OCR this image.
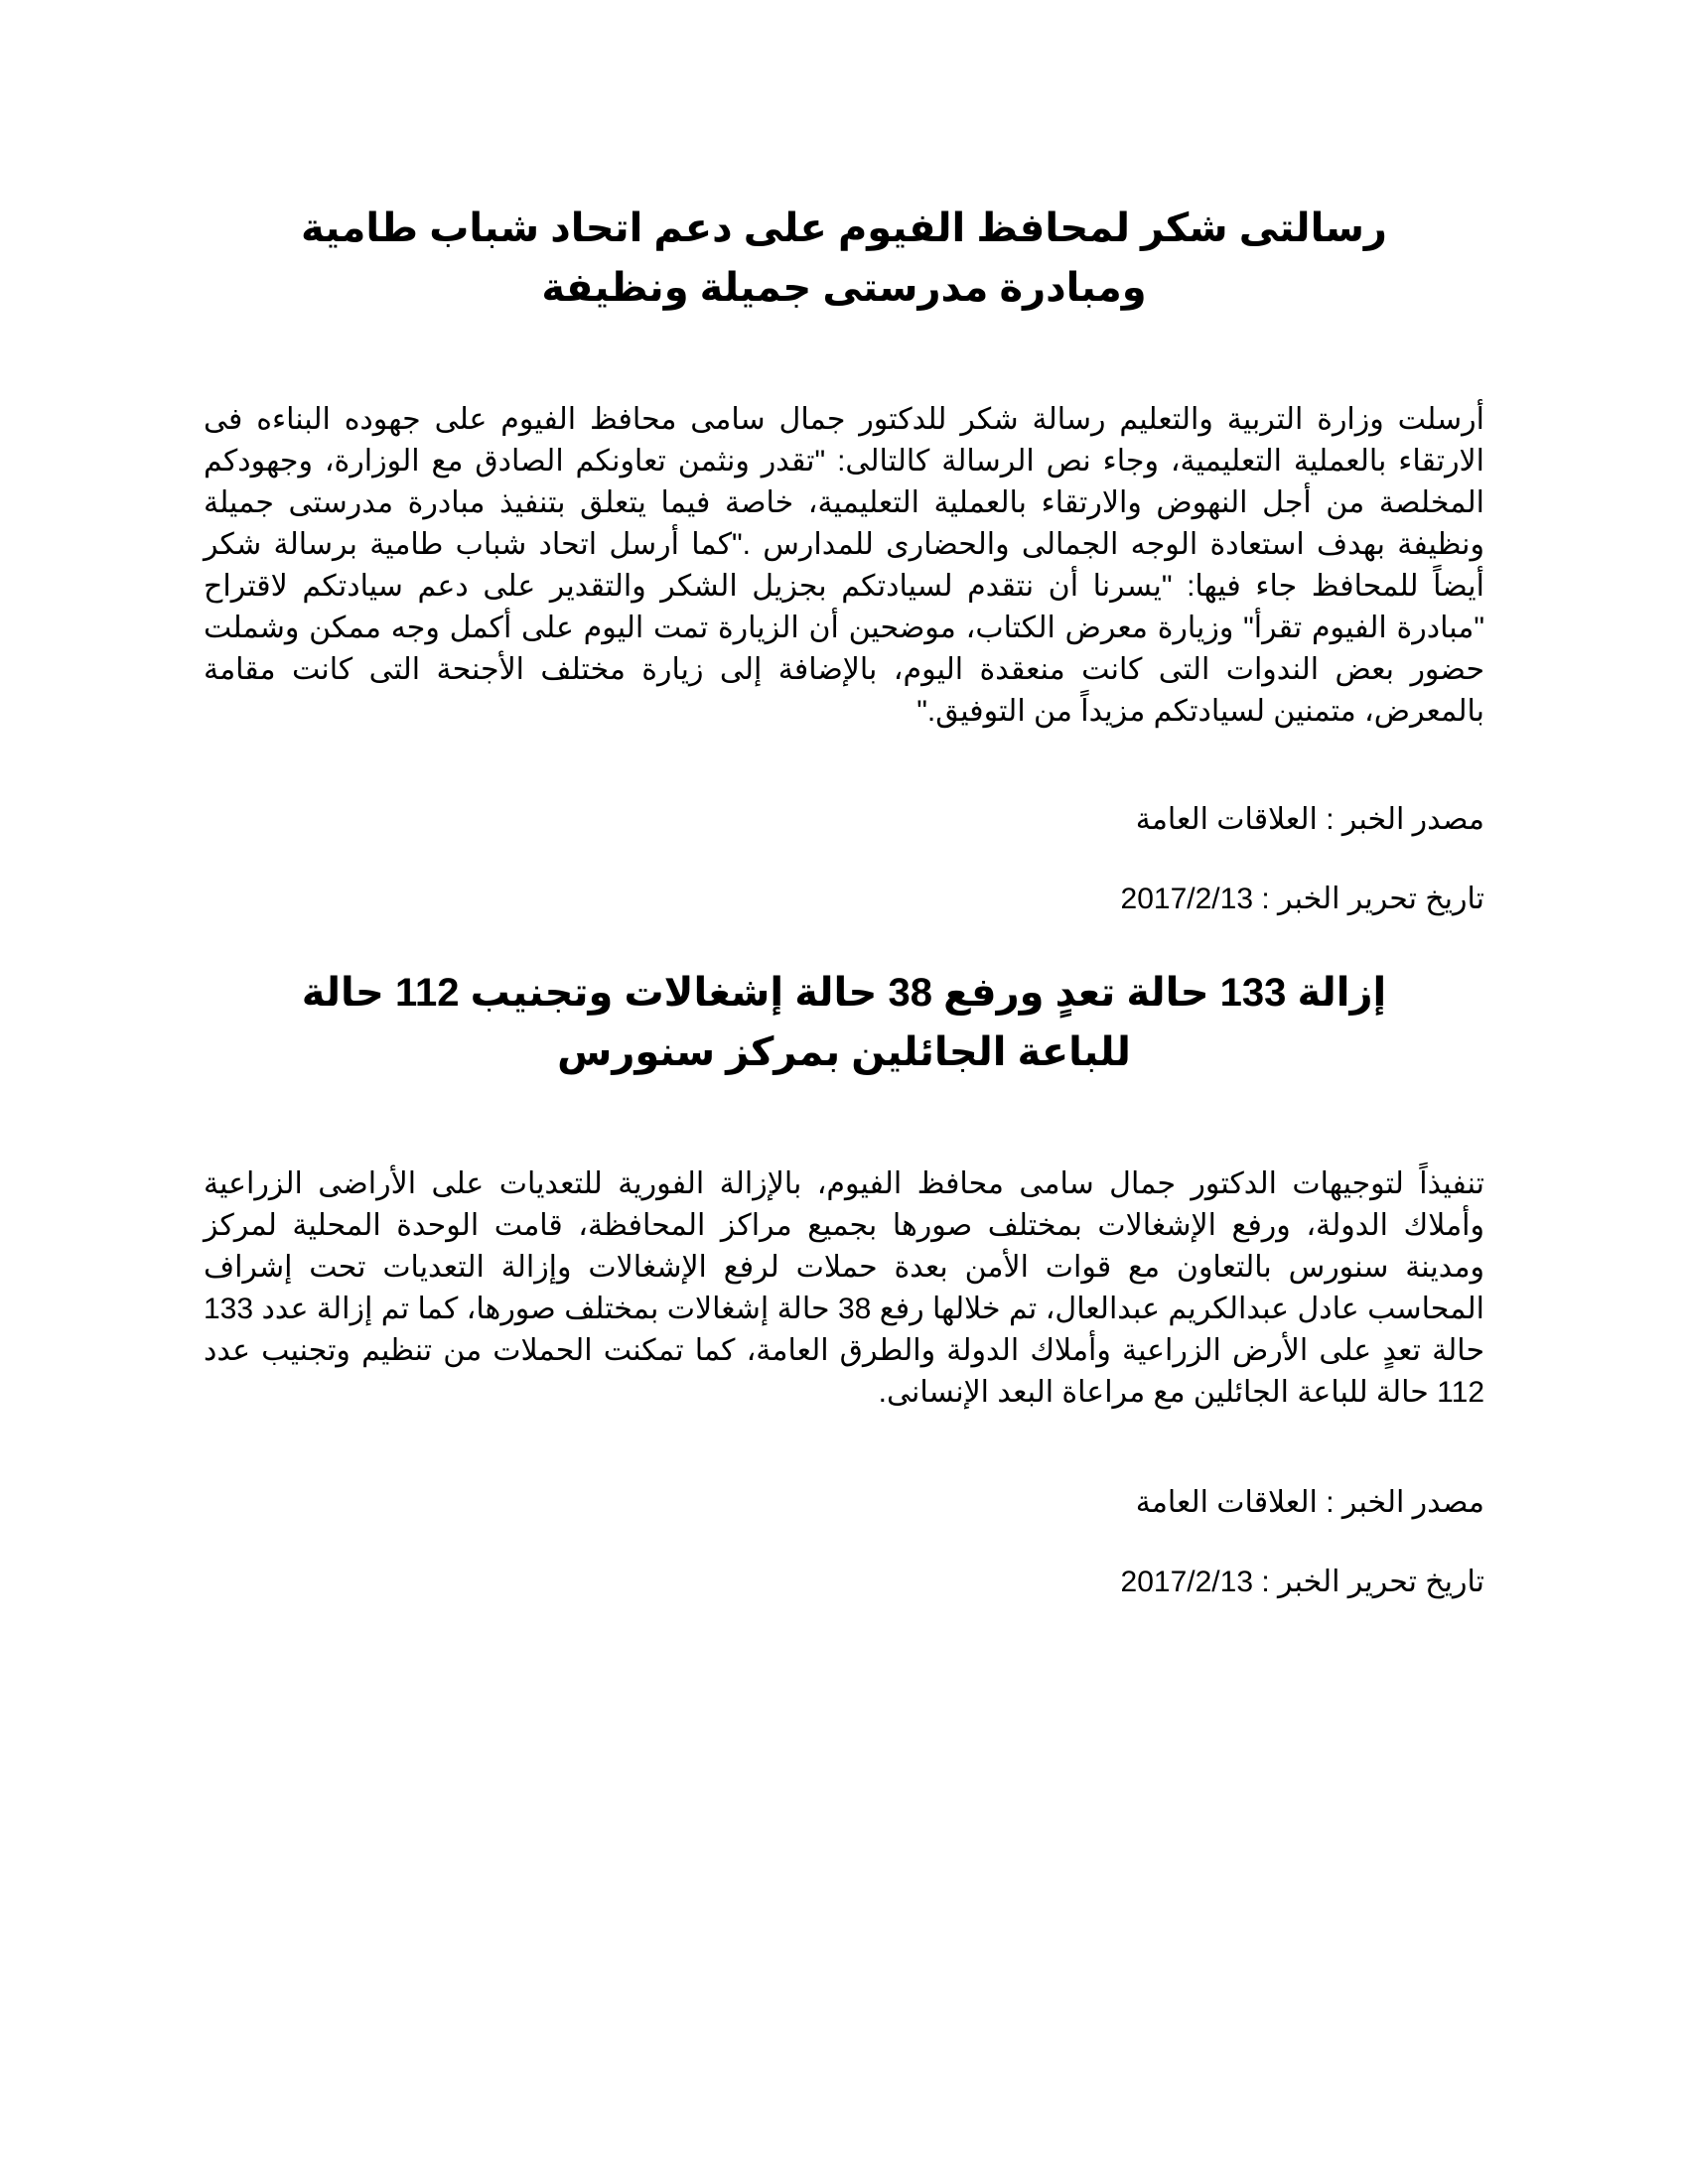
رسالتى شكر لمحافظ الفيوم على دعم اتحاد شباب طامية ومبادرة مدرستى جميلة ونظيفة

أرسلت وزارة التربية والتعليم رسالة شكر للدكتور جمال سامى محافظ الفيوم على جهوده البناءه فى الارتقاء بالعملية التعليمية، وجاء نص الرسالة كالتالى: "تقدر ونثمن تعاونكم الصادق مع الوزارة، وجهودكم المخلصة من أجل النهوض والارتقاء بالعملية التعليمية، خاصة فيما يتعلق بتنفيذ مبادرة مدرستى جميلة ونظيفة بهدف استعادة الوجه الجمالى والحضارى للمدارس ."كما أرسل اتحاد شباب طامية برسالة شكر أيضاً للمحافظ جاء فيها: "يسرنا أن نتقدم لسيادتكم بجزيل الشكر والتقدير على دعم سيادتكم لاقتراح "مبادرة الفيوم تقرأ" وزيارة معرض الكتاب، موضحين أن الزيارة تمت اليوم على أكمل وجه ممكن وشملت حضور بعض الندوات التى كانت منعقدة اليوم، بالإضافة إلى زيارة مختلف الأجنحة التى كانت مقامة بالمعرض، متمنين لسيادتكم مزيداً من التوفيق."

مصدر الخبر : العلاقات العامة

تاريخ تحرير الخبر : 2017/2/13

إزالة 133 حالة تعدٍ ورفع 38 حالة إشغالات وتجنيب 112 حالة للباعة الجائلين بمركز سنورس

تنفيذاً لتوجيهات الدكتور جمال سامى محافظ الفيوم، بالإزالة الفورية للتعديات على الأراضى الزراعية وأملاك الدولة، ورفع الإشغالات بمختلف صورها بجميع مراكز المحافظة، قامت الوحدة المحلية لمركز ومدينة سنورس بالتعاون مع قوات الأمن بعدة حملات لرفع الإشغالات وإزالة التعديات تحت إشراف المحاسب عادل عبدالكريم عبدالعال، تم خلالها رفع 38 حالة إشغالات بمختلف صورها، كما تم إزالة عدد 133 حالة تعدٍ على الأرض الزراعية وأملاك الدولة والطرق العامة، كما تمكنت الحملات من تنظيم وتجنيب عدد 112 حالة للباعة الجائلين مع مراعاة البعد الإنسانى.

مصدر الخبر : العلاقات العامة

تاريخ تحرير الخبر : 2017/2/13
